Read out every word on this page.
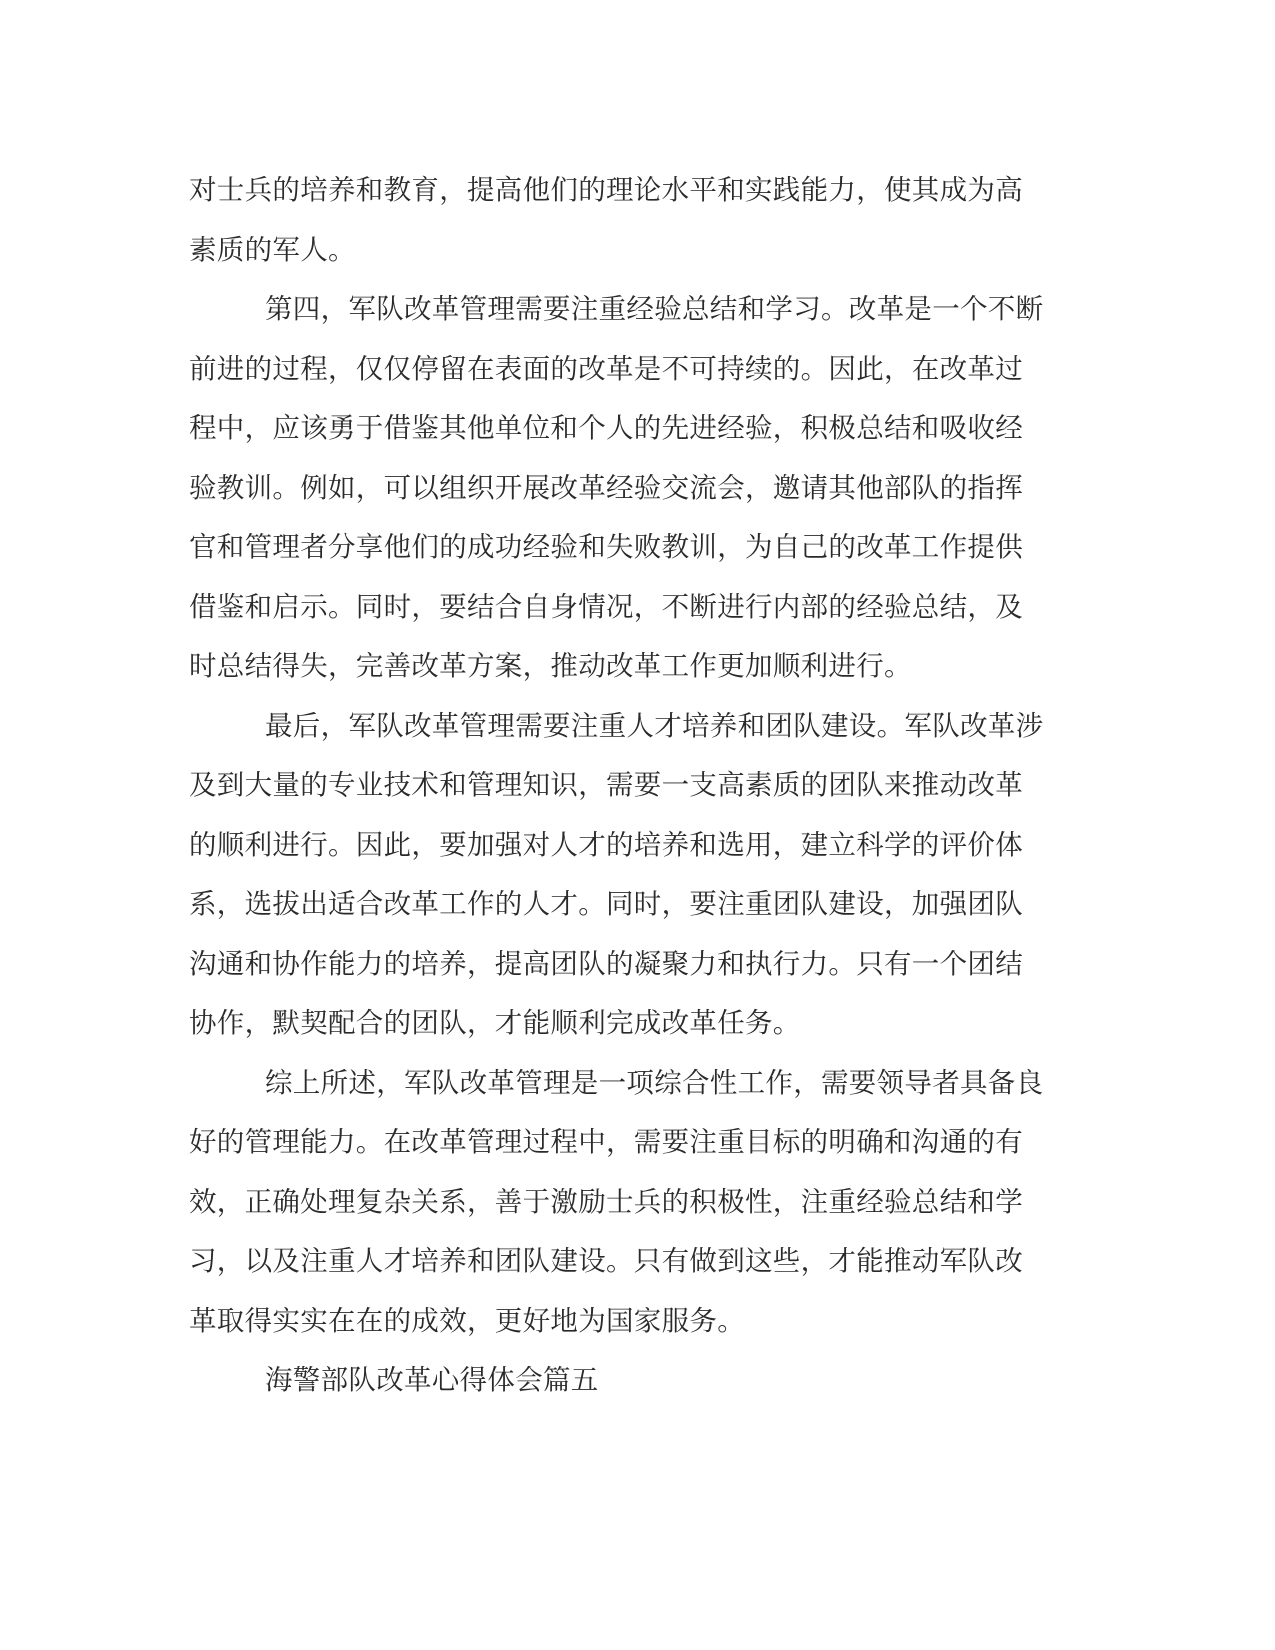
对士兵的培养和教育，提高他们的理论水平和实践能力，使其成为高
素质的军人。
第四，军队改革管理需要注重经验总结和学习。改革是一个不断
前进的过程，仅仅停留在表面的改革是不可持续的。因此，在改革过
程中，应该勇于借鉴其他单位和个人的先进经验，积极总结和吸收经
验教训。例如，可以组织开展改革经验交流会，邀请其他部队的指挥
官和管理者分享他们的成功经验和失败教训，为自己的改革工作提供
借鉴和启示。同时，要结合自身情况，不断进行内部的经验总结，及
时总结得失，完善改革方案，推动改革工作更加顺利进行。
最后，军队改革管理需要注重人才培养和团队建设。军队改革涉
及到大量的专业技术和管理知识，需要一支高素质的团队来推动改革
的顺利进行。因此，要加强对人才的培养和选用，建立科学的评价体
系，选拔出适合改革工作的人才。同时，要注重团队建设，加强团队
沟通和协作能力的培养，提高团队的凝聚力和执行力。只有一个团结
协作，默契配合的团队，才能顺利完成改革任务。
综上所述，军队改革管理是一项综合性工作，需要领导者具备良
好的管理能力。在改革管理过程中，需要注重目标的明确和沟通的有
效，正确处理复杂关系，善于激励士兵的积极性，注重经验总结和学
习，以及注重人才培养和团队建设。只有做到这些，才能推动军队改
革取得实实在在的成效，更好地为国家服务。
海警部队改革心得体会篇五
